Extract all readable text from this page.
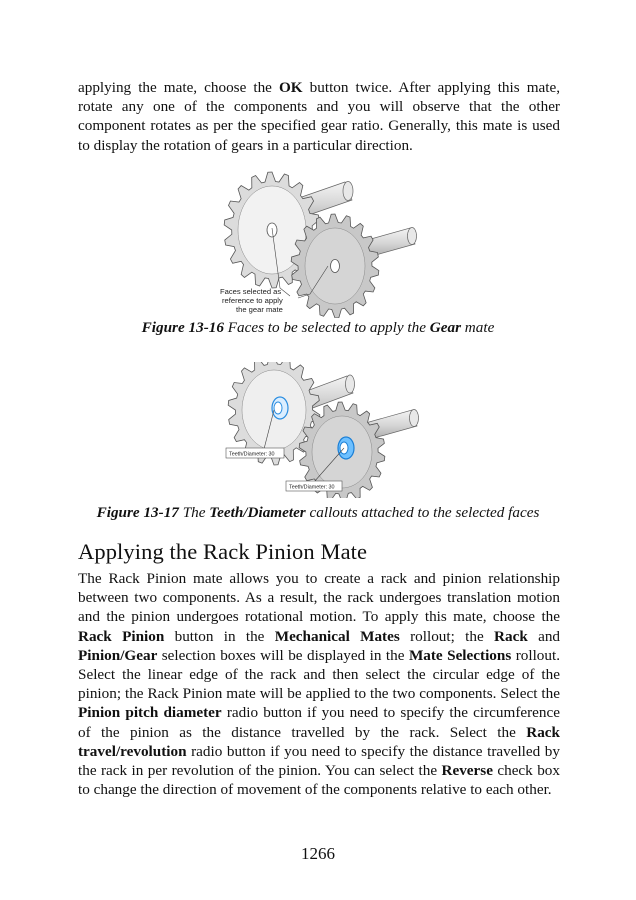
applying the mate, choose the OK button twice. After applying this mate, rotate any one of the components and you will observe that the other component rotates as per the specified gear ratio. Generally, this mate is used to display the rotation of gears in a particular direction.

Faces selected as
reference to apply
the gear mate

Figure 13-16 Faces to be selected to apply the Gear mate

Teeth/Diameter: 30
Teeth/Diameter: 30

Figure 13-17 The Teeth/Diameter callouts attached to the selected faces

Applying the Rack Pinion Mate

The Rack Pinion mate allows you to create a rack and pinion relationship between two components. As a result, the rack undergoes translation motion and the pinion undergoes rotational motion. To apply this mate, choose the Rack Pinion button in the Mechanical Mates rollout; the Rack and Pinion/Gear selection boxes will be displayed in the Mate Selections rollout. Select the linear edge of the rack and then select the circular edge of the pinion; the Rack Pinion mate will be applied to the two components. Select the Pinion pitch diameter radio button if you need to specify the circumference of the pinion as the distance travelled by the rack. Select the Rack travel/revolution radio button if you need to specify the distance travelled by the rack in per revolution of the pinion. You can select the Reverse check box to change the direction of movement of the components relative to each other.

1266
